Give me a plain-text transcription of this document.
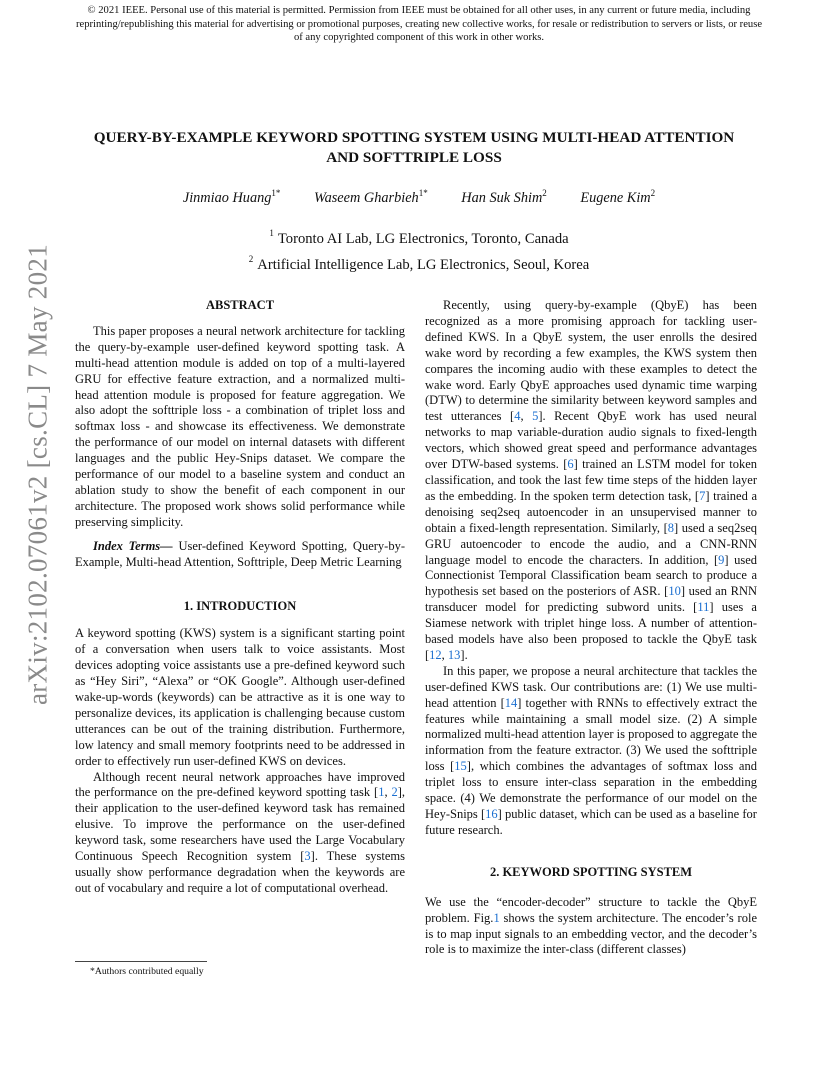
© 2021 IEEE. Personal use of this material is permitted. Permission from IEEE must be obtained for all other uses, in any current or future media, including reprinting/republishing this material for advertising or promotional purposes, creating new collective works, for resale or redistribution to servers or lists, or reuse of any copyrighted component of this work in other works.
arXiv:2102.07061v2 [cs.CL] 7 May 2021
QUERY-BY-EXAMPLE KEYWORD SPOTTING SYSTEM USING MULTI-HEAD ATTENTION
AND SOFTTRIPLE LOSS
Jinmiao Huang$^{1*}$ Waseem Gharbieh$^{1*}$ Han Suk Shim$^2$ Eugene Kim$^2$
$^1$ Toronto AI Lab, LG Electronics, Toronto, Canada
$^2$ Artificial Intelligence Lab, LG Electronics, Seoul, Korea
ABSTRACT

This paper proposes a neural network architecture for tackling the query-by-example user-defined keyword spotting task. A multi-head attention module is added on top of a multi-layered GRU for effective feature extraction, and a normalized multi-head attention module is proposed for feature aggregation. We also adopt the softtriple loss - a combination of triplet loss and softmax loss - and showcase its effectiveness. We demonstrate the performance of our model on internal datasets with different languages and the public Hey-Snips dataset. We compare the performance of our model to a baseline system and conduct an ablation study to show the benefit of each component in our architecture. The proposed work shows solid performance while preserving simplicity.

Index Terms— User-defined Keyword Spotting, Query-by-Example, Multi-head Attention, Softtriple, Deep Metric Learning

1. INTRODUCTION

A keyword spotting (KWS) system is a significant starting point of a conversation when users talk to voice assistants. Most devices adopting voice assistants use a pre-defined keyword such as “Hey Siri”, “Alexa” or “OK Google”. Although user-defined wake-up-words (keywords) can be attractive as it is one way to personalize devices, its application is challenging because custom utterances can be out of the training distribution. Furthermore, low latency and small memory footprints need to be addressed in order to effectively run user-defined KWS on devices.

Although recent neural network approaches have improved the performance on the pre-defined keyword spotting task [1, 2], their application to the user-defined keyword task has remained elusive. To improve the performance on the user-defined keyword task, some researchers have used the Large Vocabulary Continuous Speech Recognition system [3]. These systems usually show performance degradation when the keywords are out of vocabulary and require a lot of computational overhead.

*Authors contributed equally

Recently, using query-by-example (QbyE) has been recognized as a more promising approach for tackling user-defined KWS. In a QbyE system, the user enrolls the desired wake word by recording a few examples, the KWS system then compares the incoming audio with these examples to detect the wake word. Early QbyE approaches used dynamic time warping (DTW) to determine the similarity between keyword samples and test utterances [4, 5]. Recent QbyE work has used neural networks to map variable-duration audio signals to fixed-length vectors, which showed great speed and performance advantages over DTW-based systems. [6] trained an LSTM model for token classification, and took the last few time steps of the hidden layer as the embedding. In the spoken term detection task, [7] trained a denoising seq2seq autoencoder in an unsupervised manner to obtain a fixed-length representation. Similarly, [8] used a seq2seq GRU autoencoder to encode the audio, and a CNN-RNN language model to encode the characters. In addition, [9] used Connectionist Temporal Classification beam search to produce a hypothesis set based on the posteriors of ASR. [10] used an RNN transducer model for predicting subword units. [11] uses a Siamese network with triplet hinge loss. A number of attention-based models have also been proposed to tackle the QbyE task [12, 13].

In this paper, we propose a neural architecture that tackles the user-defined KWS task. Our contributions are: (1) We use multi-head attention [14] together with RNNs to effectively extract the features while maintaining a small model size. (2) A simple normalized multi-head attention layer is proposed to aggregate the information from the feature extractor. (3) We used the softtriple loss [15], which combines the advantages of softmax loss and triplet loss to ensure inter-class separation in the embedding space. (4) We demonstrate the performance of our model on the Hey-Snips [16] public dataset, which can be used as a baseline for future research.

2. KEYWORD SPOTTING SYSTEM

We use the “encoder-decoder” structure to tackle the QbyE problem. Fig.1 shows the system architecture. The encoder’s role is to map input signals to an embedding vector, and the decoder’s role is to maximize the inter-class (different classes)
